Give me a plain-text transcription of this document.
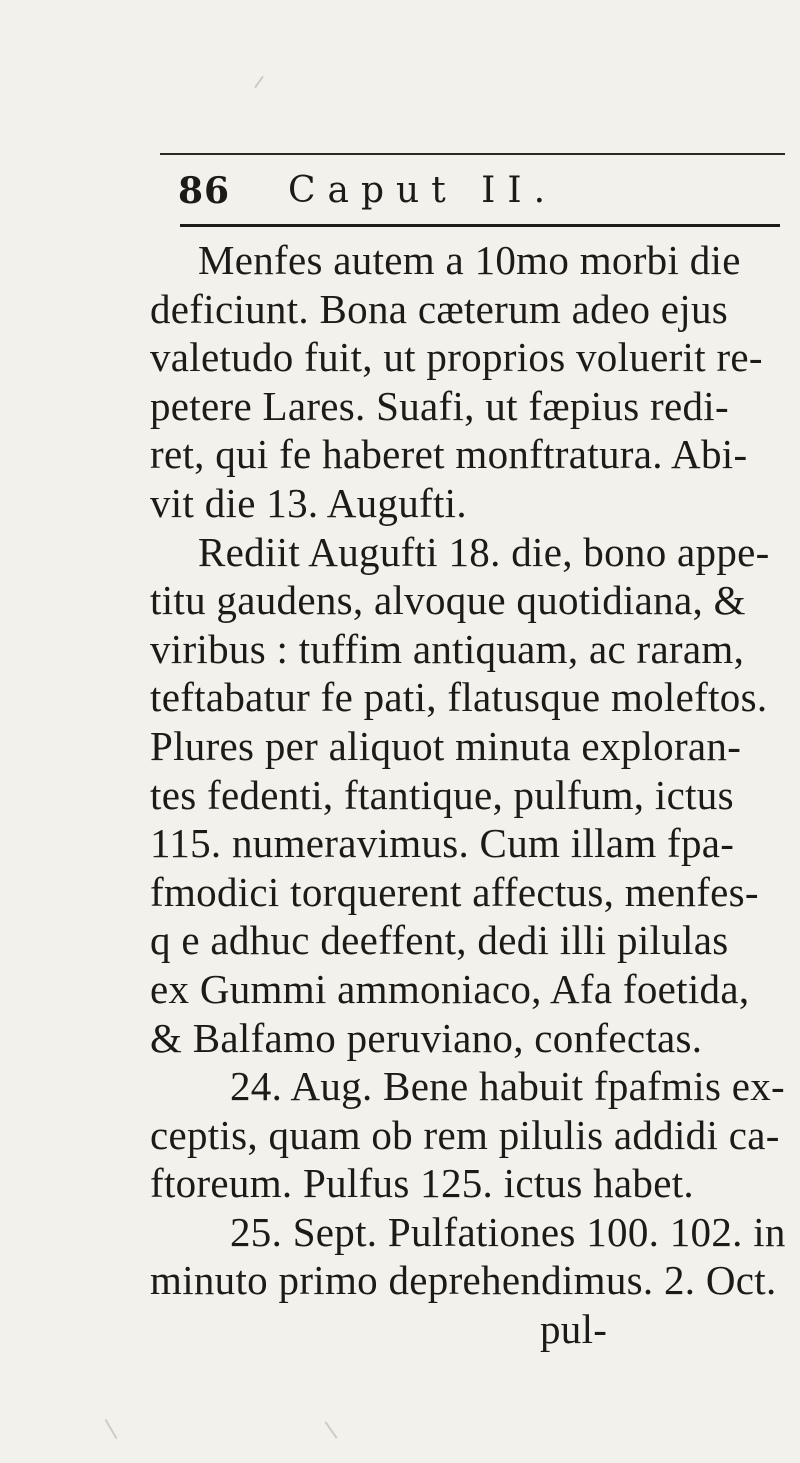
86 Caput II.
Menfes autem a 10mo morbi die
deficiunt. Bona cæterum adeo ejus
valetudo fuit, ut proprios voluerit re-
petere Lares. Suafi, ut fæpius redi-
ret, qui fe haberet monftratura. Abi-
vit die 13. Augufti.
Rediit Augufti 18. die, bono appe-
titu gaudens, alvoque quotidiana, &
viribus : tuffim antiquam, ac raram,
teftabatur fe pati, flatusque moleftos.
Plures per aliquot minuta exploran-
tes fedenti, ftantique, pulfum, ictus
115. numeravimus. Cum illam fpa-
fmodici torquerent affectus, menfes-
q e adhuc deeffent, dedi illi pilulas
ex Gummi ammoniaco, Afa foetida,
& Balfamo peruviano, confectas.
24. Aug. Bene habuit fpafmis ex-
ceptis, quam ob rem pilulis addidi ca-
ftoreum. Pulfus 125. ictus habet.
25. Sept. Pulfationes 100. 102. in
minuto primo deprehendimus. 2. Oct.
pul-
